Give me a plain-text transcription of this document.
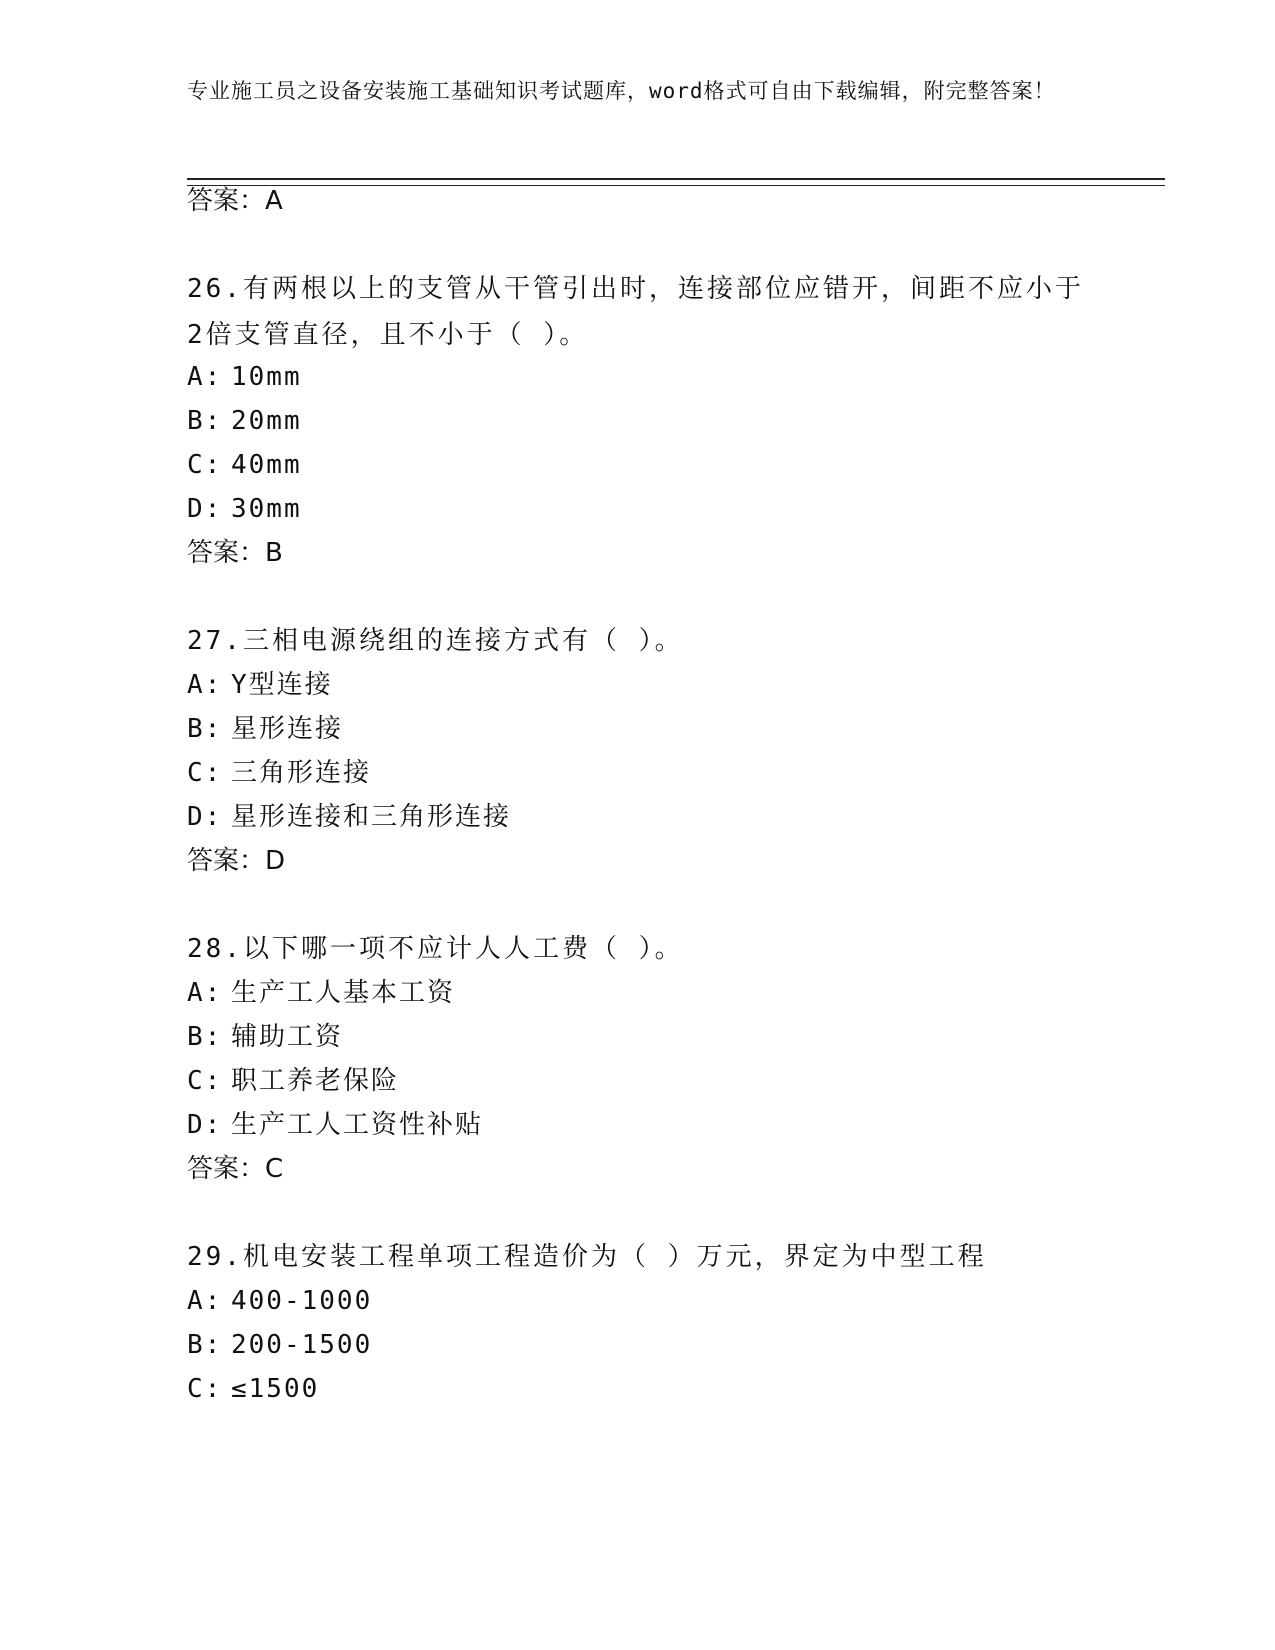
专业施工员之设备安装施工基础知识考试题库，word格式可自由下载编辑，附完整答案！
答案：A
26.有两根以上的支管从干管引出时，连接部位应错开，间距不应小于2倍支管直径，且不小于（ ）。
A: 10mm
B: 20mm
C: 40mm
D: 30mm
答案：B
27.三相电源绕组的连接方式有（ ）。
A: Y型连接
B: 星形连接
C: 三角形连接
D: 星形连接和三角形连接
答案：D
28.以下哪一项不应计人人工费（ ）。
A: 生产工人基本工资
B: 辅助工资
C: 职工养老保险
D: 生产工人工资性补贴
答案：C
29.机电安装工程单项工程造价为（ ）万元，界定为中型工程
A: 400-1000
B: 200-1500
C: ≤1500
